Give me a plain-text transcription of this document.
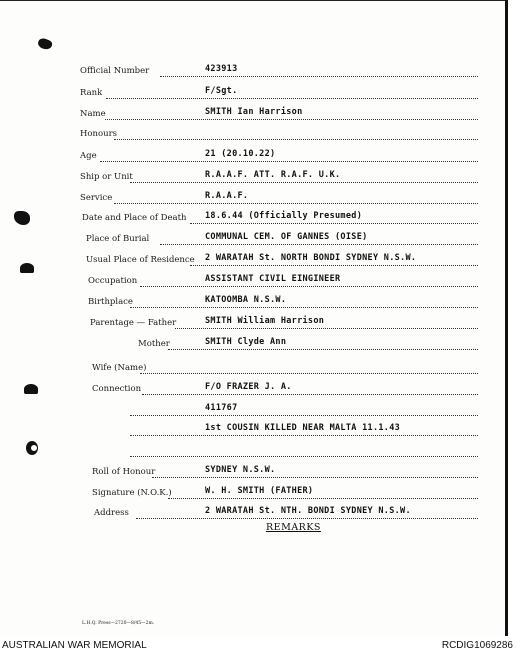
Official Number	423913
Rank	F/Sgt.
Name	SMITH Ian Harrison
Honours
Age	21 (20.10.22)
Ship or Unit	R.A.A.F. ATT. R.A.F. U.K.
Service	R.A.A.F.
Date and Place of Death 18.6.44 (Officially Presumed)
Place of Burial	COMMUNAL CEM. OF GANNES (OISE)
Usual Place of Residence 2 WARATAH St. NORTH BONDI SYDNEY N.S.W.
Occupation	ASSISTANT CIVIL EINGINEER
Birthplace	KATOOMBA N.S.W.
Parentage — Father	SMITH William Harrison
Mother	SMITH Clyde Ann
Wife (Name)
Connection	F/O FRAZER J. A.
411767
1st COUSIN KILLED NEAR MALTA 11.1.43
Roll of Honour	SYDNEY N.S.W.
Signature (N.O.K.)	W. H. SMITH (FATHER)
Address	2 WARATAH St. NTH. BONDI SYDNEY N.S.W.
REMARKS
L.H.Q. Press—2720—8/45—2m.
AUSTRALIAN WAR MEMORIAL	RCDIG1069286
